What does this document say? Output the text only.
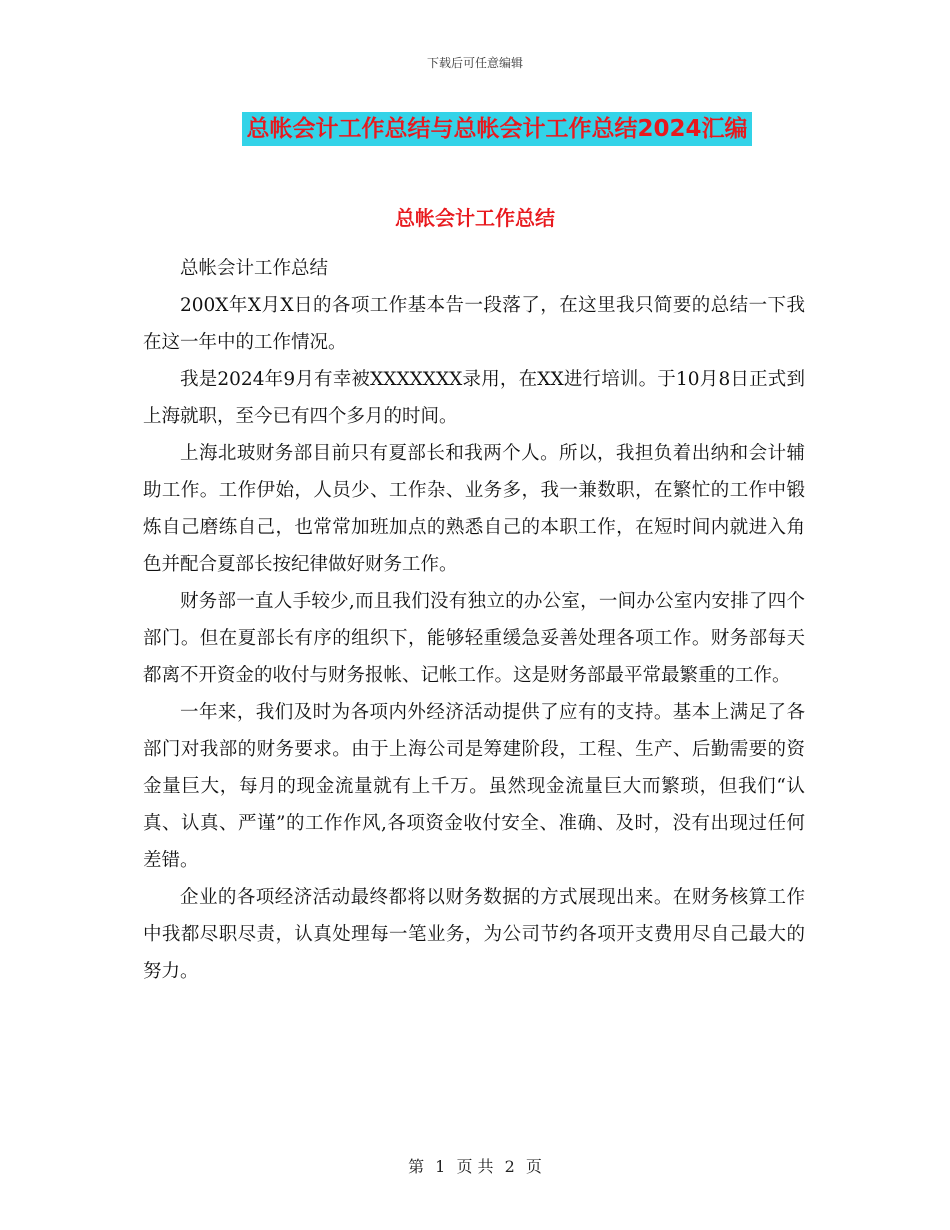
下载后可任意编辑
总帐会计工作总结与总帐会计工作总结2024汇编
总帐会计工作总结

总帐会计工作总结

200X年X月X日的各项工作基本告一段落了，在这里我只简要的总结一下我在这一年中的工作情况。

我是2024年9月有幸被XXXXXXX录用，在XX进行培训。于10月8日正式到上海就职，至今已有四个多月的时间。

上海北玻财务部目前只有夏部长和我两个人。所以，我担负着出纳和会计辅助工作。工作伊始，人员少、工作杂、业务多，我一兼数职，在繁忙的工作中锻炼自己磨练自己，也常常加班加点的熟悉自己的本职工作，在短时间内就进入角色并配合夏部长按纪律做好财务工作。

财务部一直人手较少,而且我们没有独立的办公室，一间办公室内安排了四个部门。但在夏部长有序的组织下，能够轻重缓急妥善处理各项工作。财务部每天都离不开资金的收付与财务报帐、记帐工作。这是财务部最平常最繁重的工作。

一年来，我们及时为各项内外经济活动提供了应有的支持。基本上满足了各部门对我部的财务要求。由于上海公司是筹建阶段，工程、生产、后勤需要的资金量巨大，每月的现金流量就有上千万。虽然现金流量巨大而繁琐，但我们“认真、认真、严谨”的工作作风,各项资金收付安全、准确、及时，没有出现过任何差错。

企业的各项经济活动最终都将以财务数据的方式展现出来。在财务核算工作中我都尽职尽责，认真处理每一笔业务，为公司节约各项开支费用尽自己最大的努力。

第 1 页 共 2 页
